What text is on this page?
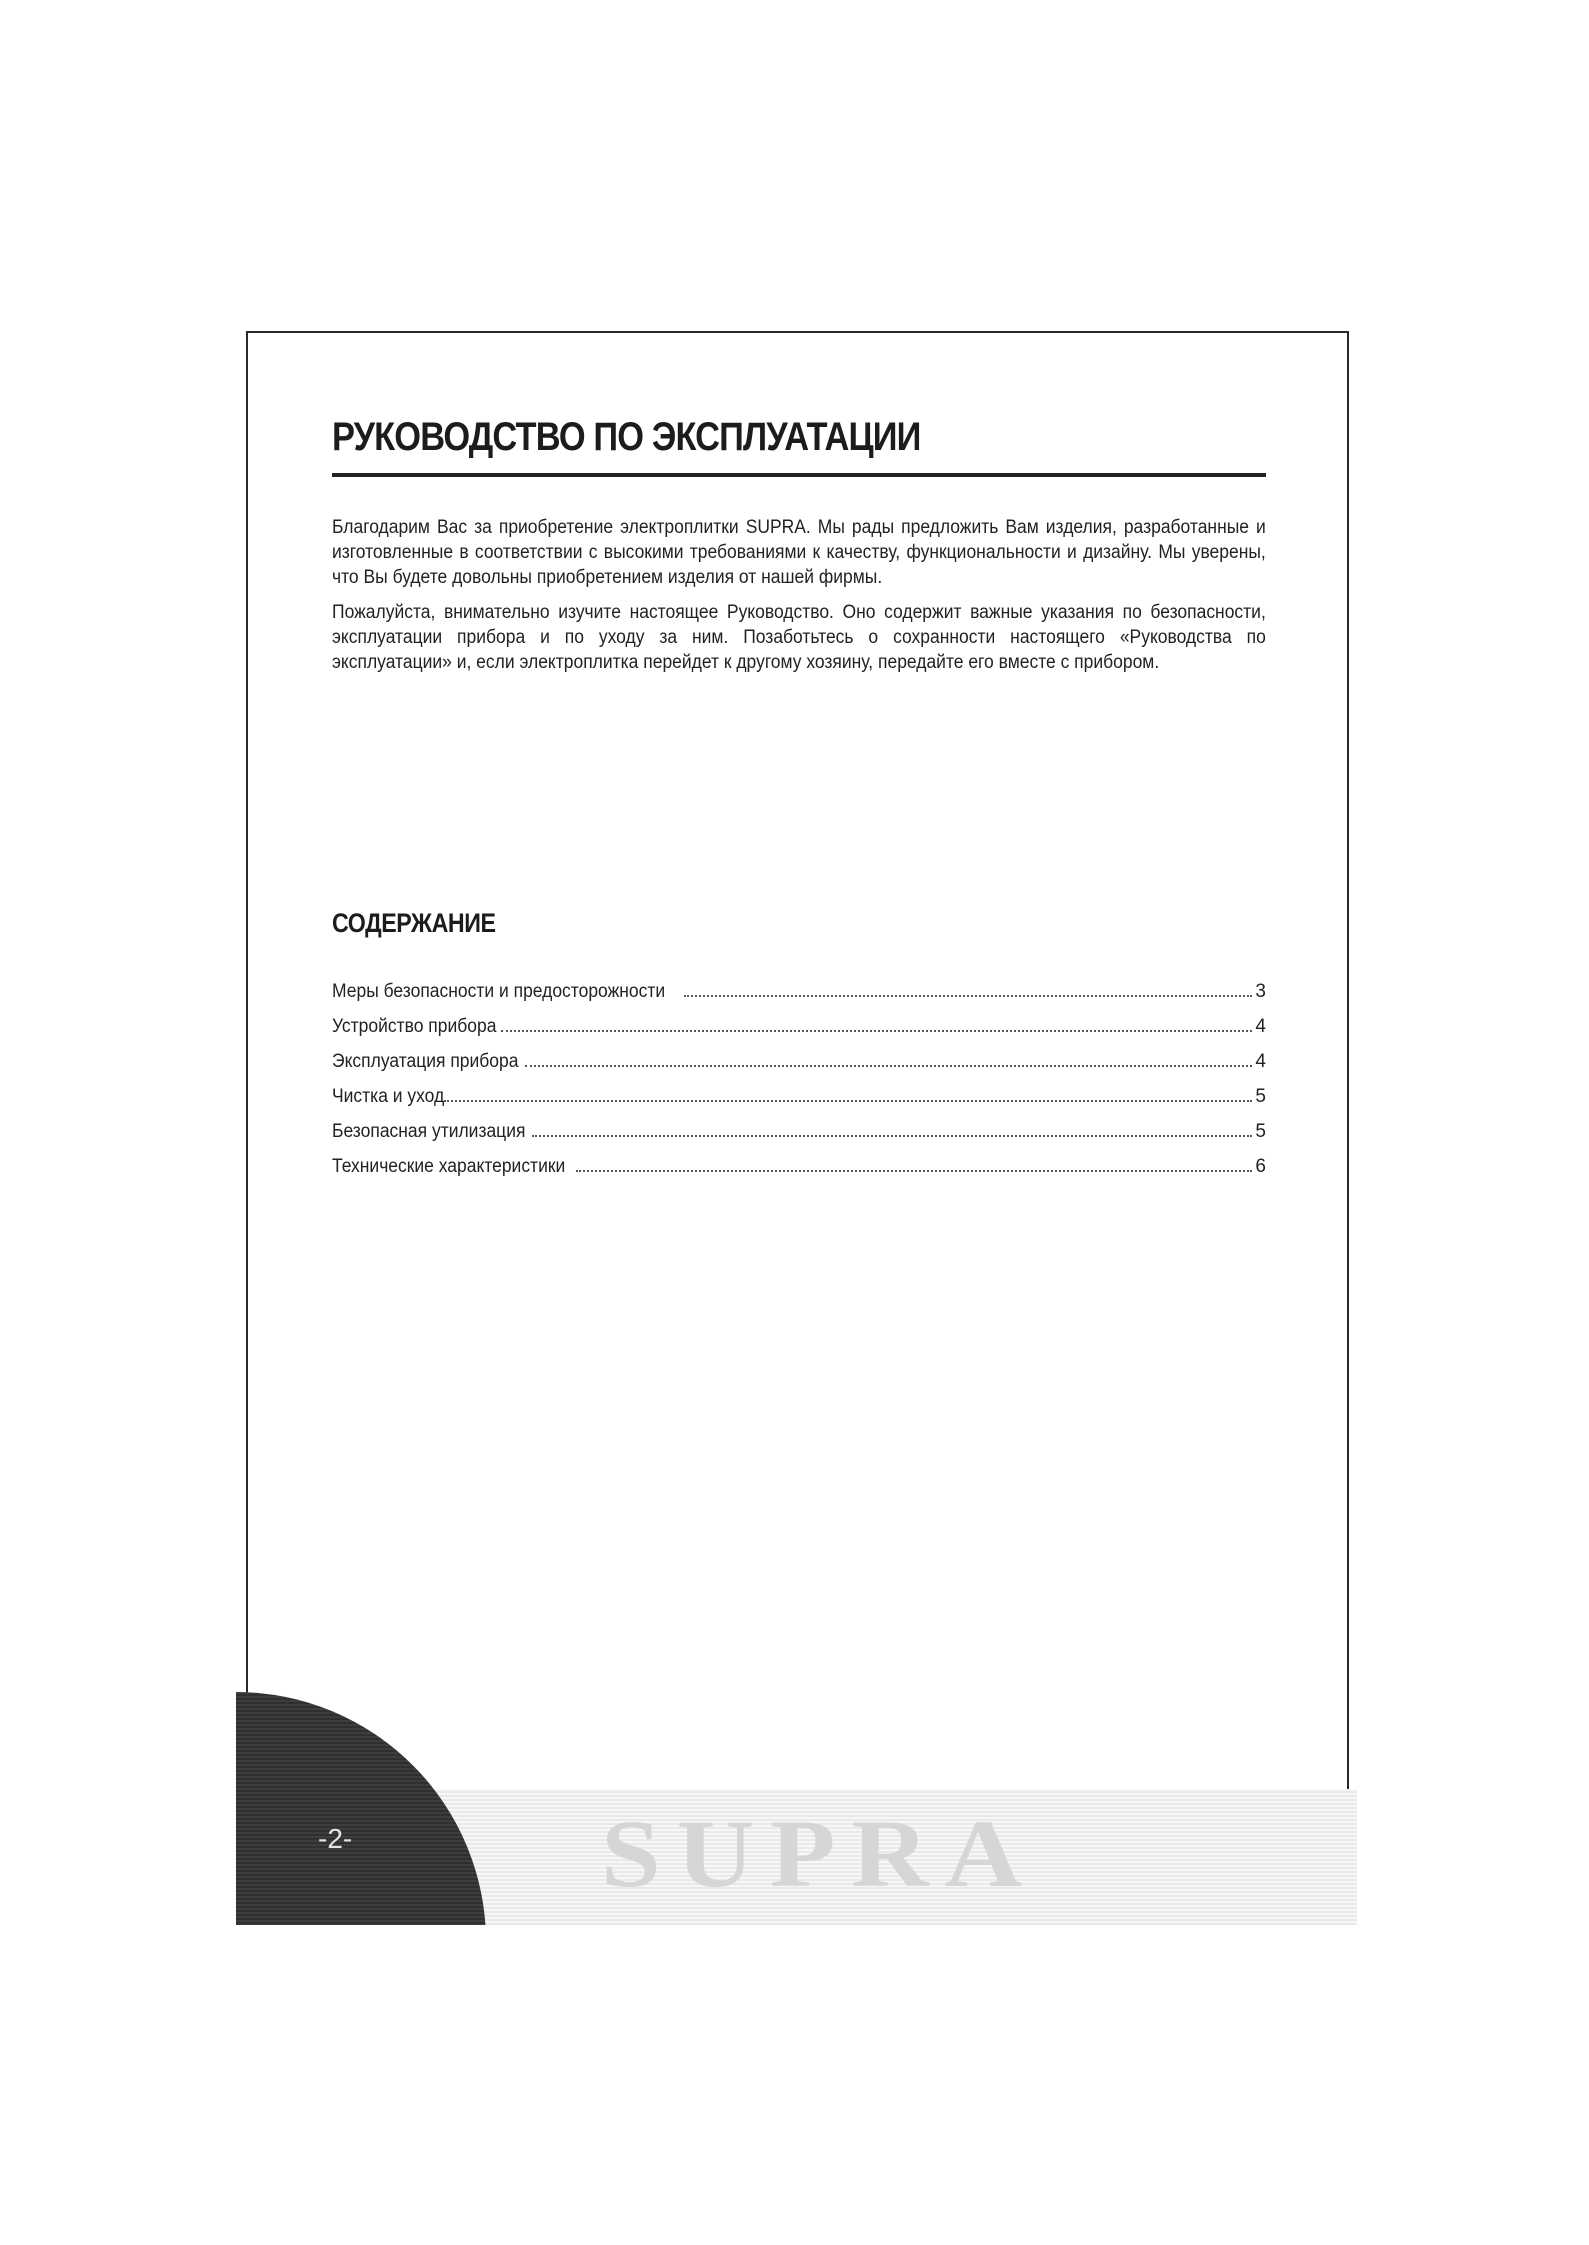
РУКОВОДСТВО ПО ЭКСПЛУАТАЦИИ

Благодарим Вас за приобретение электроплитки SUPRA. Мы рады предложить Вам изделия, разработанные и изготовленные в соответствии с высокими требованиями к качеству, функциональности и дизайну. Мы уверены, что Вы будете довольны приобретением изделия от нашей фирмы.

Пожалуйста, внимательно изучите настоящее Руководство. Оно содержит важные указания по безопасности, эксплуатации прибора и по уходу за ним. Позаботьтесь о сохранности настоящего «Руководства по эксплуатации» и, если электроплитка перейдет к другому хозяину, передайте его вместе с прибором.

СОДЕРЖАНИЕ
Меры безопасности и предосторожности	3
Устройство прибора	4
Эксплуатация прибора	4
Чистка и уход	5
Безопасная утилизация	5
Технические характеристики	6
-2-	SUPRA
